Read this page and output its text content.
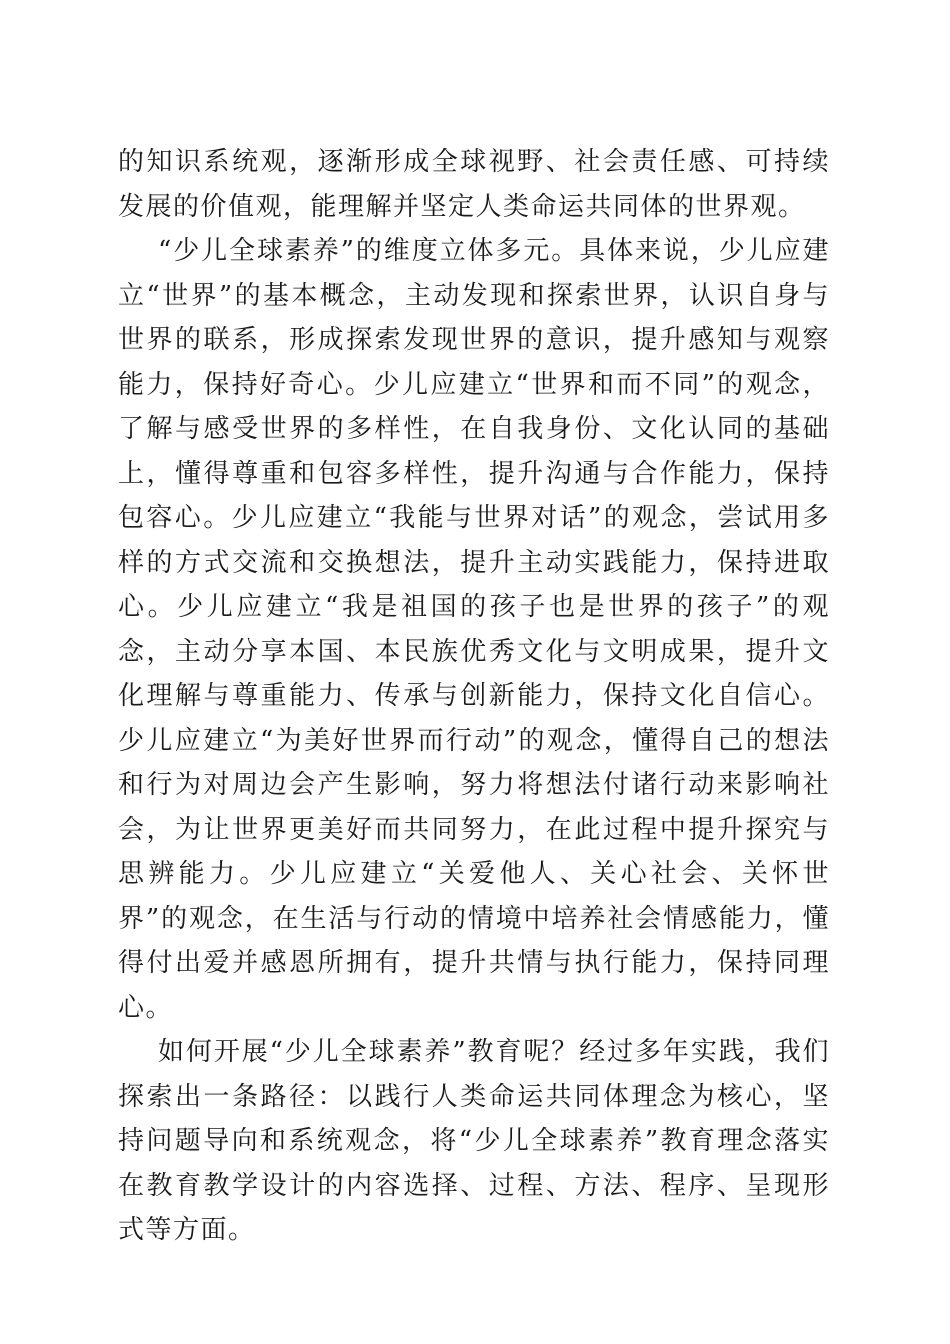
的知识系统观，逐渐形成全球视野、社会责任感、可持续发展的价值观，能理解并坚定人类命运共同体的世界观。

“少儿全球素养”的维度立体多元。具体来说，少儿应建立“世界”的基本概念，主动发现和探索世界，认识自身与世界的联系，形成探索发现世界的意识，提升感知与观察能力，保持好奇心。少儿应建立“世界和而不同”的观念，了解与感受世界的多样性，在自我身份、文化认同的基础上，懂得尊重和包容多样性，提升沟通与合作能力，保持包容心。少儿应建立“我能与世界对话”的观念，尝试用多样的方式交流和交换想法，提升主动实践能力，保持进取心。少儿应建立“我是祖国的孩子也是世界的孩子”的观念，主动分享本国、本民族优秀文化与文明成果，提升文化理解与尊重能力、传承与创新能力，保持文化自信心。少儿应建立“为美好世界而行动”的观念，懂得自己的想法和行为对周边会产生影响，努力将想法付诸行动来影响社会，为让世界更美好而共同努力，在此过程中提升探究与思辨能力。少儿应建立“关爱他人、关心社会、关怀世界”的观念，在生活与行动的情境中培养社会情感能力，懂得付出爱并感恩所拥有，提升共情与执行能力，保持同理心。

如何开展“少儿全球素养”教育呢？经过多年实践，我们探索出一条路径：以践行人类命运共同体理念为核心，坚持问题导向和系统观念，将“少儿全球素养”教育理念落实在教育教学设计的内容选择、过程、方法、程序、呈现形式等方面。
